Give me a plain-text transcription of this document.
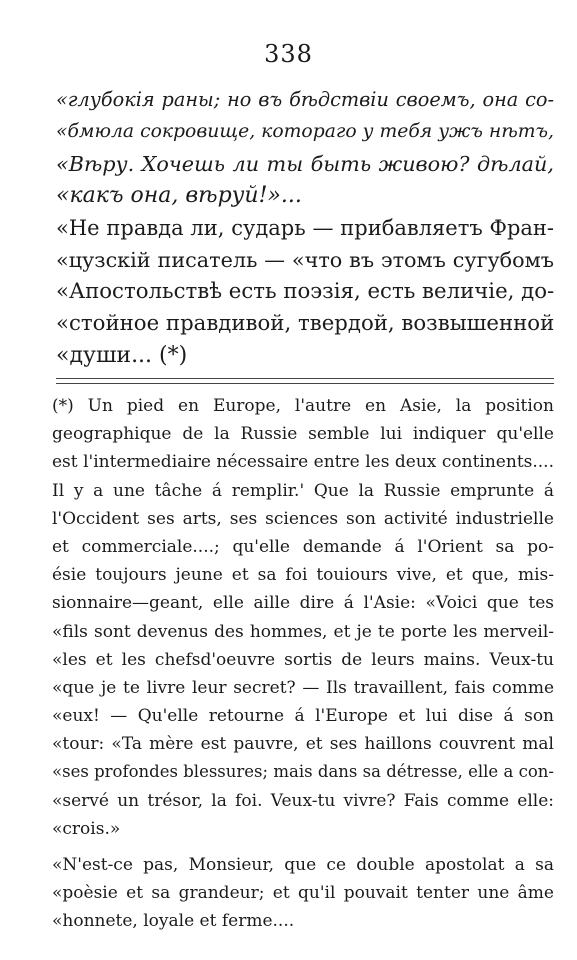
338
«глубокія раны; но въ бѣдствіи своемъ, она со-
«бмюла сокровище, котораго у тебя ужъ нѣтъ,
«Вѣру. Хочешь ли ты быть живою? дѣлай,
«какъ она, вѣруй!»...
«Не правда ли, сударь — прибавляетъ Фран-
«цузскій писатель — «что въ этомъ сугубомъ
«Апостольствѣ есть поэзія, есть величіе, до-
«стойное правдивой, твердой, возвышенной
«души... (*)
(*) Un pied en Europe, l'autre en Asie, la position
geographique de la Russie semble lui indiquer qu'elle
est l'intermediaire nécessaire entre les deux continents....
Il y a une tâche á remplir.' Que la Russie emprunte á
l'Occident ses arts, ses sciences son activité industrielle
et commerciale....; qu'elle demande á l'Orient sa po-
ésie toujours jeune et sa foi touiours vive, et que, mis-
sionnaire—geant, elle aille dire á l'Asie: «Voici que tes
«fils sont devenus des hommes, et je te porte les merveil-
«les et les chefsd'oeuvre sortis de leurs mains. Veux-tu
«que je te livre leur secret? — Ils travaillent, fais comme
«eux! — Qu'elle retourne á l'Europe et lui dise á son
«tour: «Ta mère est pauvre, et ses haillons couvrent mal
«ses profondes blessures; mais dans sa détresse, elle a con-
«servé un trésor, la foi. Veux-tu vivre? Fais comme elle:
«crois.»
«N'est-ce pas, Monsieur, que ce double apostolat a sa
«poèsie et sa grandeur; et qu'il pouvait tenter une âme
«honnete, loyale et ferme....
